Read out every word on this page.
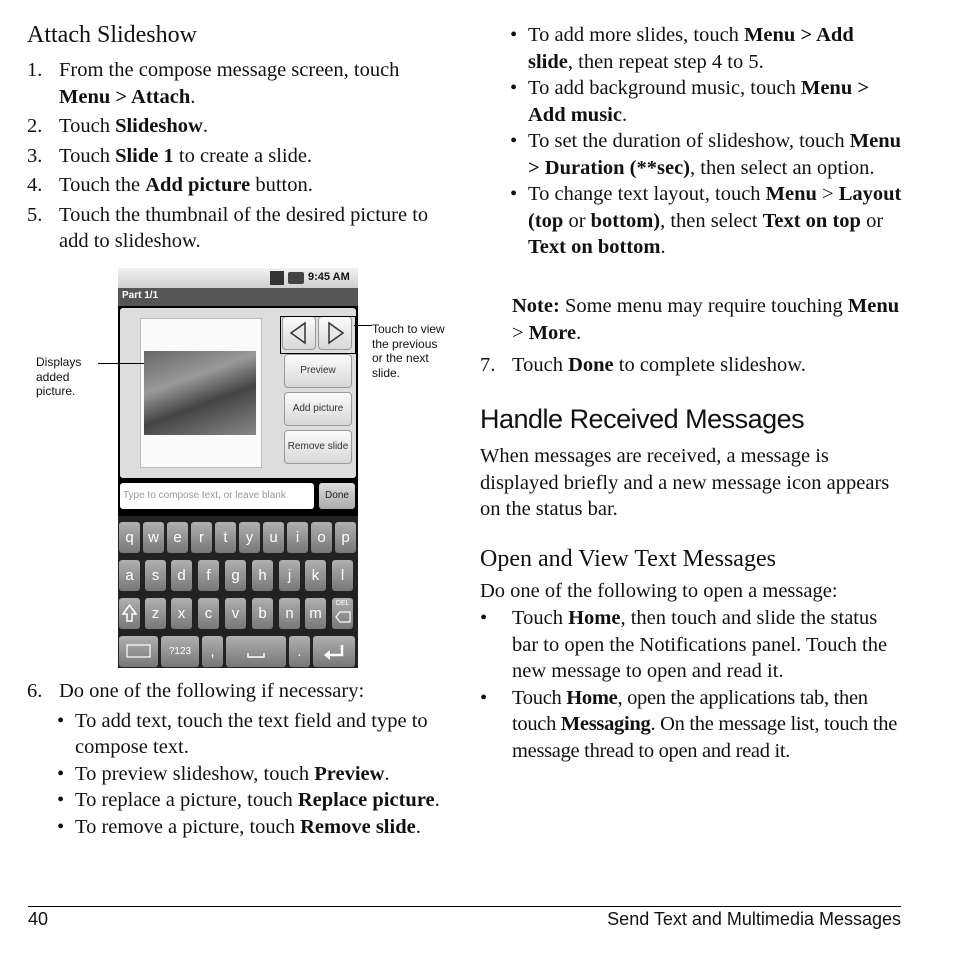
Attach Slideshow
1. From the compose message screen, touch Menu > Attach.
2. Touch Slideshow.
3. Touch Slide 1 to create a slide.
4. Touch the Add picture button.
5. Touch the thumbnail of the desired picture to add to slideshow.
9:45 AM
Part 1/1
Preview
Add picture
Remove slide
Type to compose text, or leave blank	Done
q w e	r	t	y	u	i	o	p
a	s	d	f	g	h	j	k	l
z	x	c	v	b	n	m
DEL
?123	,	.
Displays added picture.
Touch to view the previous or the next slide.
6. Do one of the following if necessary:
• To add text, touch the text field and type to compose text.
• To preview slideshow, touch Preview.
• To replace a picture, touch Replace picture.
• To remove a picture, touch Remove slide.
• To add more slides, touch Menu > Add slide, then repeat step 4 to 5.
• To add background music, touch Menu > Add music.
• To set the duration of slideshow, touch Menu > Duration (**sec), then select an option.
• To change text layout, touch Menu > Layout (top or bottom), then select Text on top or Text on bottom.
Note: Some menu may require touching Menu > More.
7. Touch Done to complete slideshow.
Handle Received Messages
When messages are received, a message is displayed briefly and a new message icon appears on the status bar.
Open and View Text Messages
Do one of the following to open a message:
• Touch Home, then touch and slide the status bar to open the Notifications panel. Touch the new message to open and read it.
• Touch Home, open the applications tab, then touch Messaging. On the message list, touch the message thread to open and read it.
40	Send Text and Multimedia Messages
